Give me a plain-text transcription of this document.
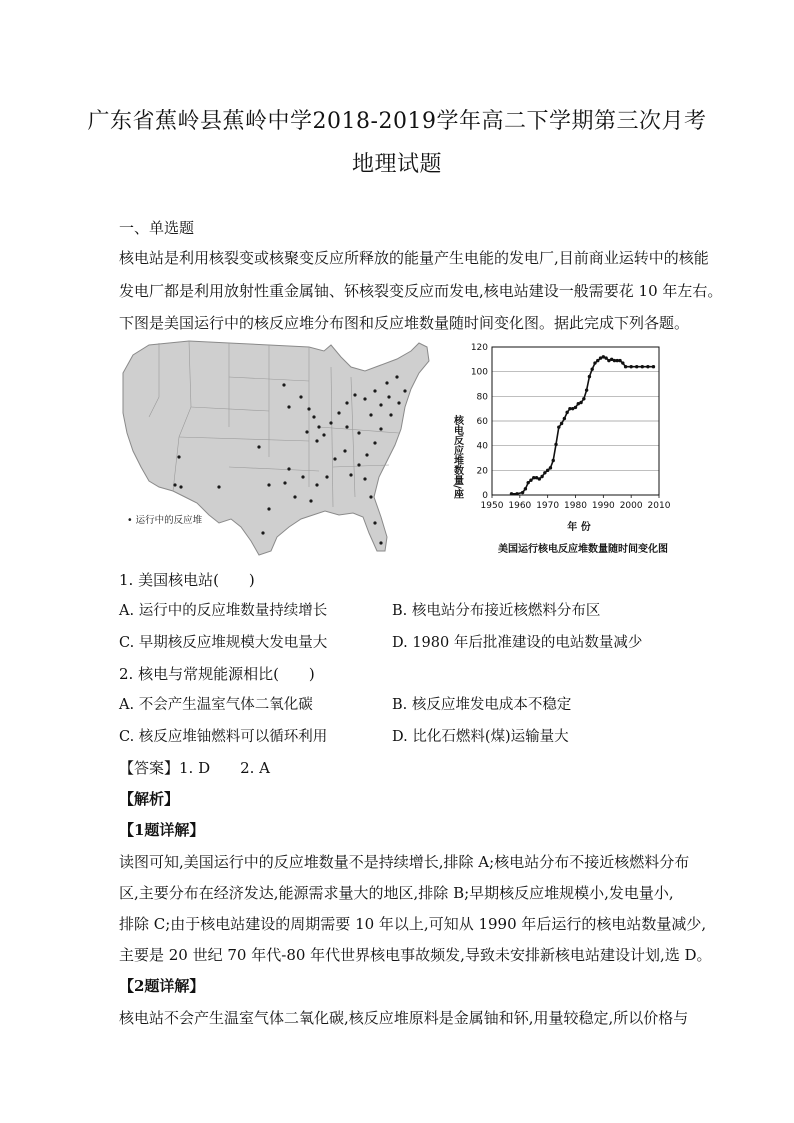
广东省蕉岭县蕉岭中学2018-2019学年高二下学期第三次月考
地理试题
一、单选题
核电站是利用核裂变或核聚变反应所释放的能量产生电能的发电厂,目前商业运转中的核能
发电厂都是利用放射性重金属铀、钚核裂变反应而发电,核电站建设一般需要花 10 年左右。
下图是美国运行中的核反应堆分布图和反应堆数量随时间变化图。据此完成下列各题。
• 运行中的反应堆
0
20
40
60
80
100
120
1950 1960 1970 1980 1990 2000 2010
核电反应堆数量/座
年 份
美国运行核电反应堆数量随时间变化图
1. 美国核电站(　　)
A. 运行中的反应堆数量持续增长	B. 核电站分布接近核燃料分布区
C. 早期核反应堆规模大发电量大	D. 1980 年后批准建设的电站数量减少
2. 核电与常规能源相比(　　)
A. 不会产生温室气体二氧化碳	B. 核反应堆发电成本不稳定
C. 核反应堆铀燃料可以循环利用	D. 比化石燃料(煤)运输量大
【答案】1. D　　2. A
【解析】
【1题详解】
读图可知,美国运行中的反应堆数量不是持续增长,排除 A;核电站分布不接近核燃料分布
区,主要分布在经济发达,能源需求量大的地区,排除 B;早期核反应堆规模小,发电量小,
排除 C;由于核电站建设的周期需要 10 年以上,可知从 1990 年后运行的核电站数量减少,
主要是 20 世纪 70 年代-80 年代世界核电事故频发,导致未安排新核电站建设计划,选 D。
【2题详解】
核电站不会产生温室气体二氧化碳,核反应堆原料是金属铀和钚,用量较稳定,所以价格与
